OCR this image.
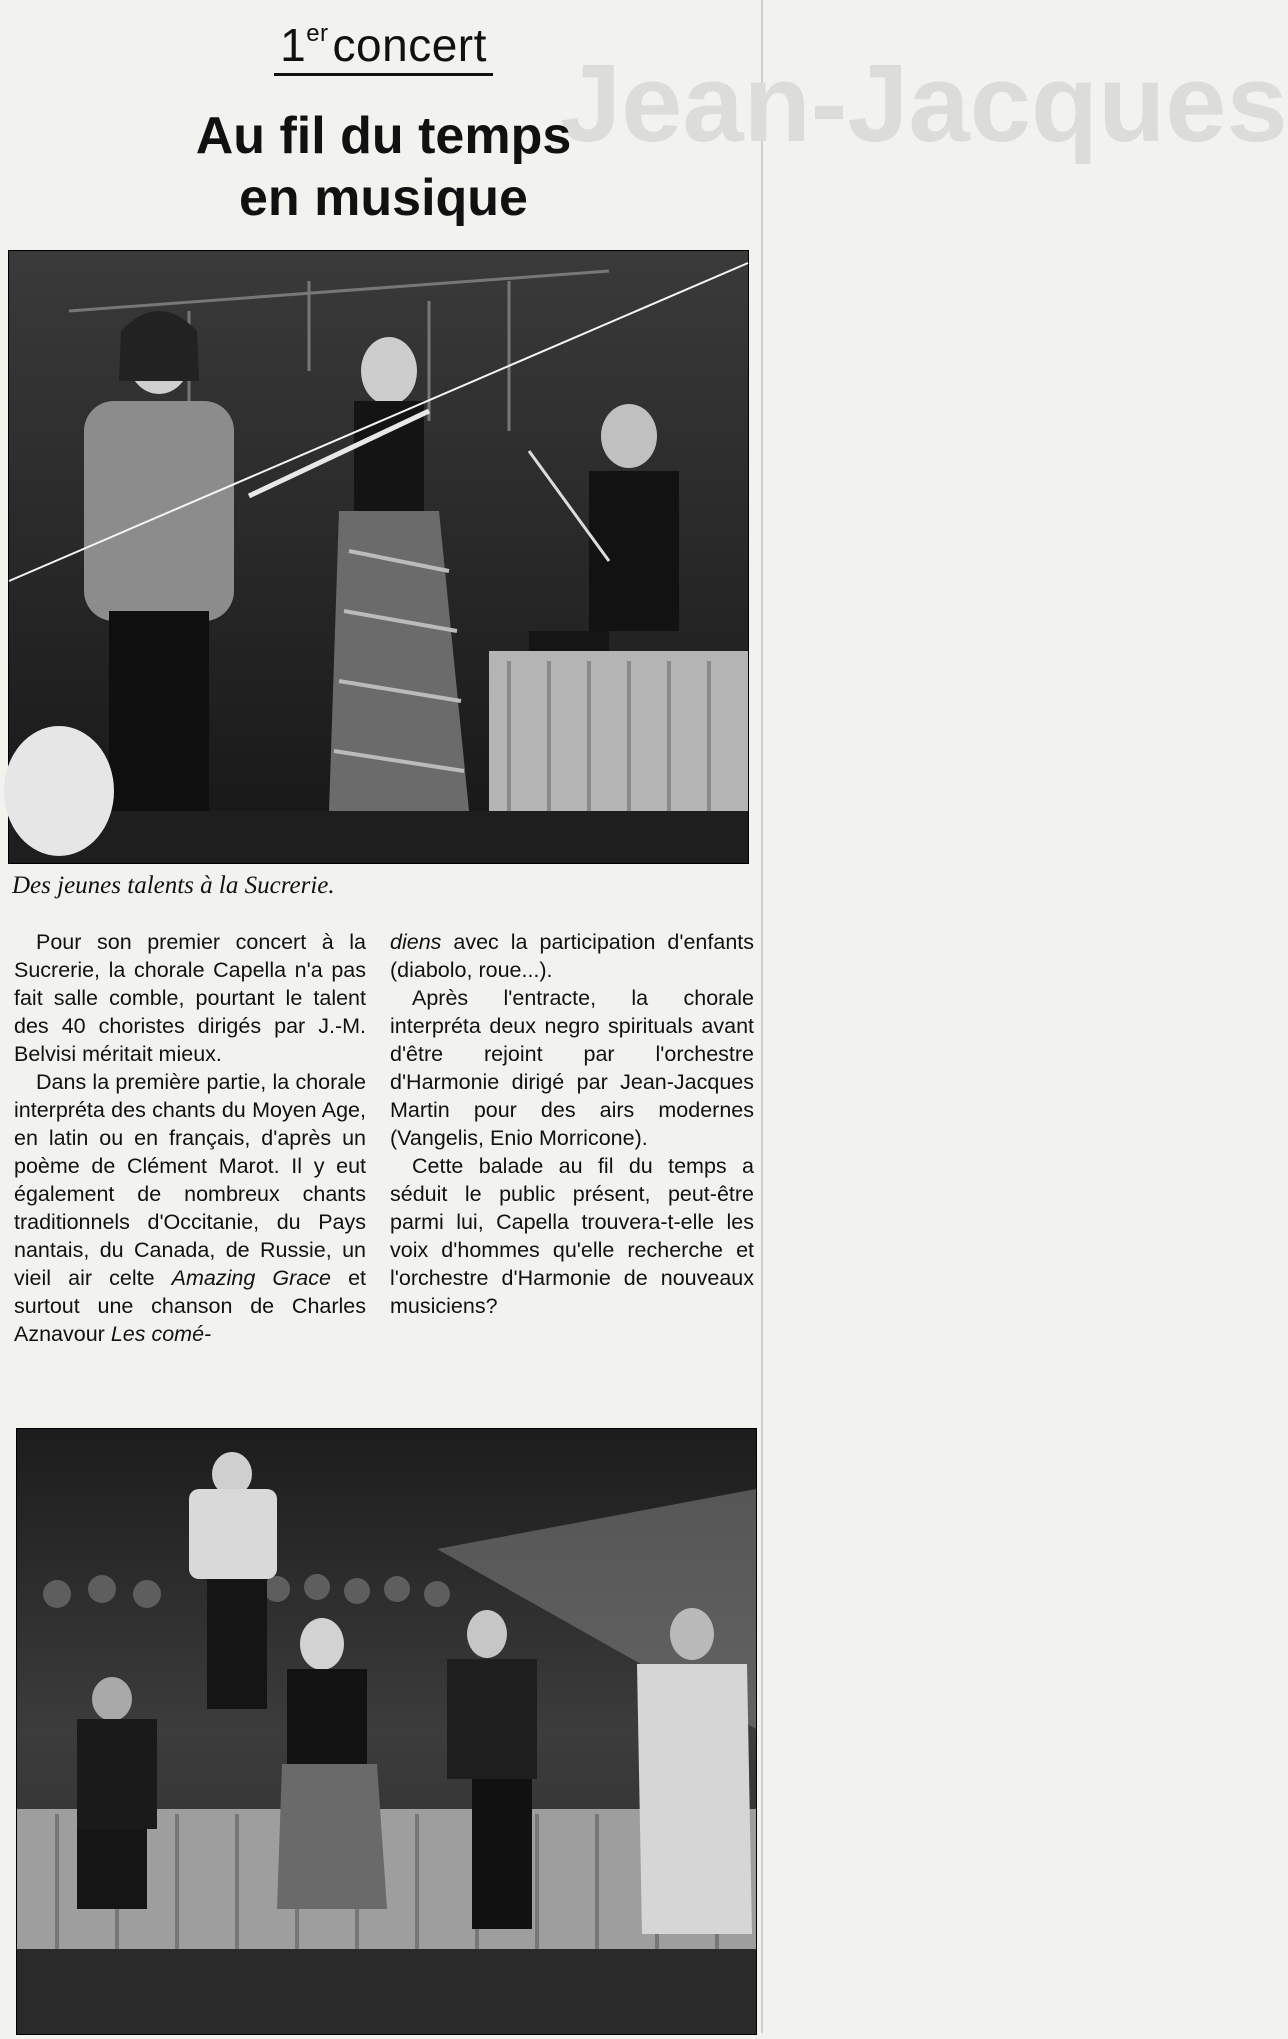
Jean-Jacques
1erconcert
Au fil du temps
en musique
Des jeunes talents à la Sucrerie.

Pour son premier concert à la Sucrerie, la chorale Capella n'a pas fait salle comble, pourtant le talent des 40 choristes dirigés par J.-M. Belvisi méritait mieux.

Dans la première partie, la chorale interpréta des chants du Moyen Age, en latin ou en français, d'après un poème de Clément Marot. Il y eut également de nombreux chants traditionnels d'Occitanie, du Pays nantais, du Canada, de Russie, un vieil air celte Amazing Grace et surtout une chanson de Charles Aznavour Les comé-

diens avec la participation d'enfants (diabolo, roue...).

Après l'entracte, la chorale interpréta deux negro spirituals avant d'être rejoint par l'orchestre d'Harmonie dirigé par Jean-Jacques Martin pour des airs modernes (Vangelis, Enio Morricone).

Cette balade au fil du temps a séduit le public présent, peut-être parmi lui, Capella trouvera-t-elle les voix d'hommes qu'elle recherche et l'orchestre d'Harmonie de nouveaux musiciens?
